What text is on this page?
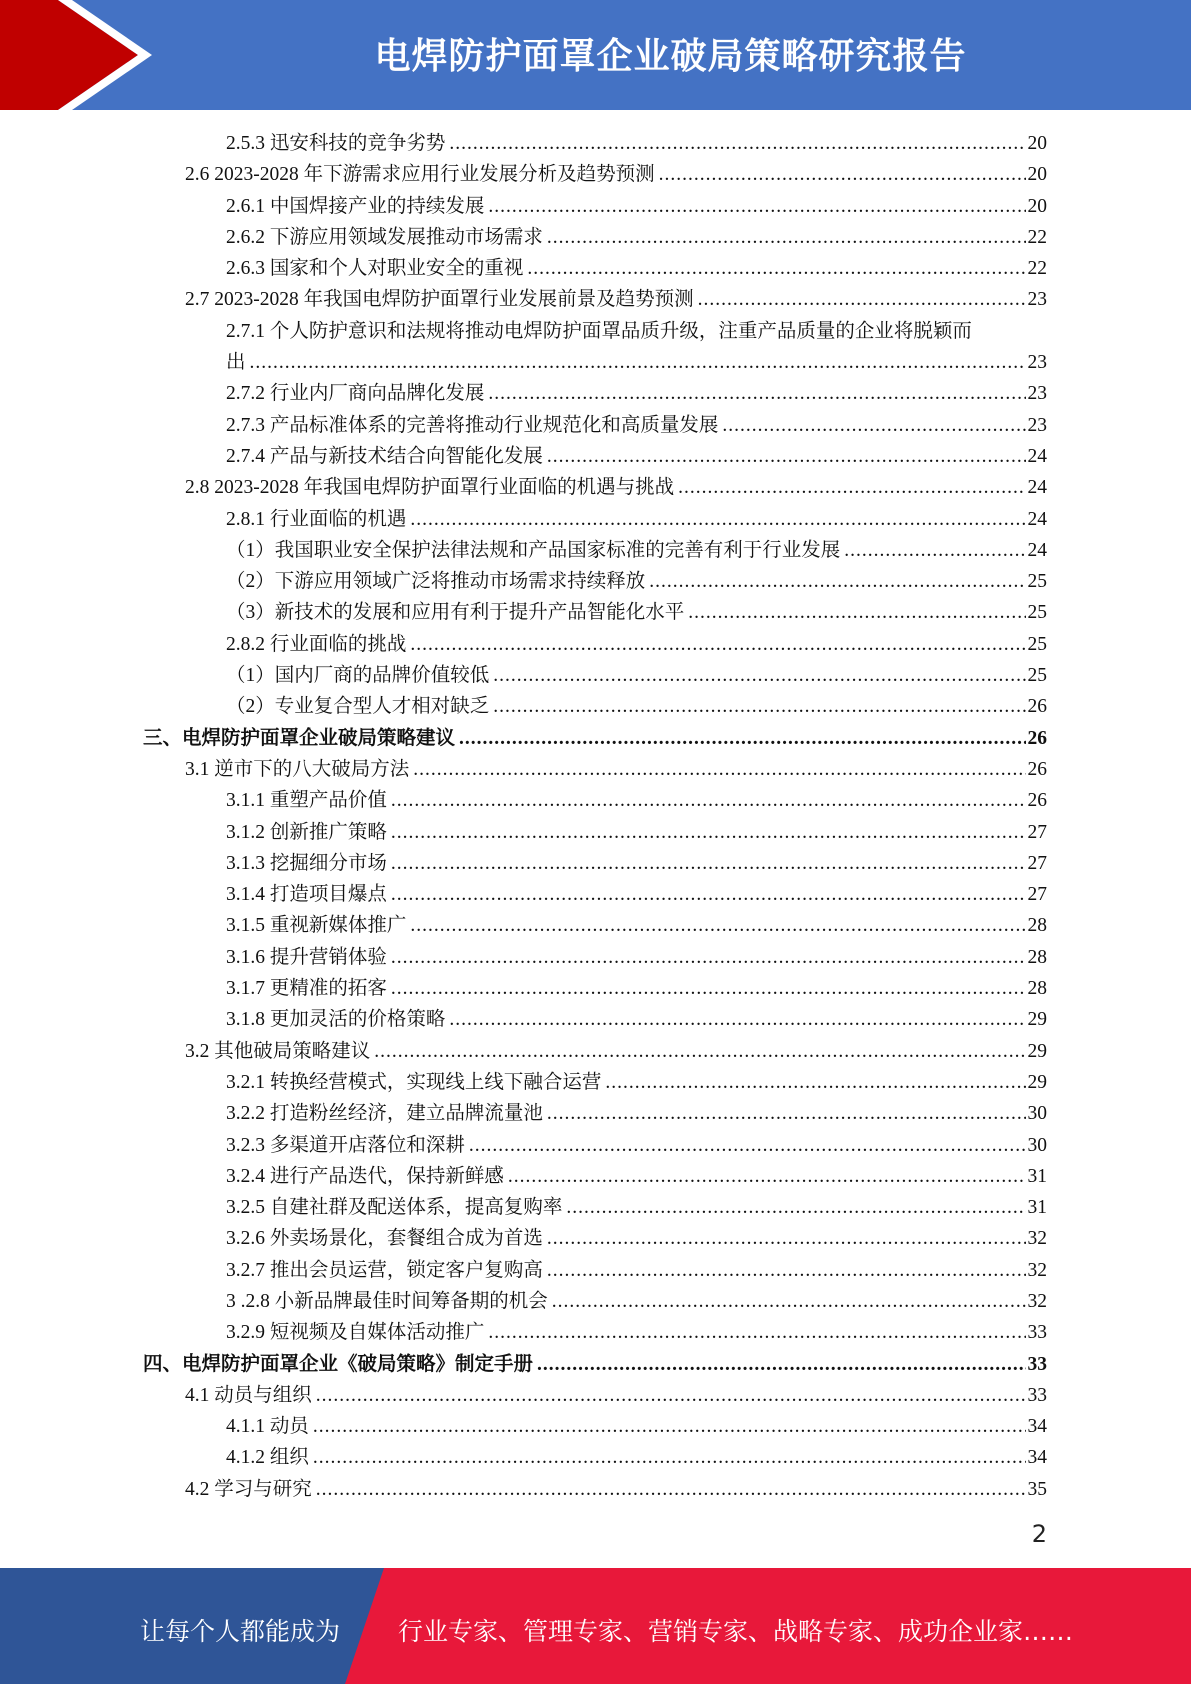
电焊防护面罩企业破局策略研究报告
2.5.3 迅安科技的竞争劣势 .....	20
2.6 2023-2028 年下游需求应用行业发展分析及趋势预测 .....	20
2.6.1 中国焊接产业的持续发展 .....	20
2.6.2 下游应用领域发展推动市场需求 .....	22
2.6.3 国家和个人对职业安全的重视 .....	22
2.7 2023-2028 年我国电焊防护面罩行业发展前景及趋势预测 .....	23
2.7.1 个人防护意识和法规将推动电焊防护面罩品质升级，注重产品质量的企业将脱颖而
出 .....	23
2.7.2 行业内厂商向品牌化发展 .....	23
2.7.3 产品标准体系的完善将推动行业规范化和高质量发展 .....	23
2.7.4 产品与新技术结合向智能化发展 .....	24
2.8 2023-2028 年我国电焊防护面罩行业面临的机遇与挑战 .....	24
2.8.1 行业面临的机遇 .....	24
（1）我国职业安全保护法律法规和产品国家标准的完善有利于行业发展 .....	24
（2）下游应用领域广泛将推动市场需求持续释放 .....	25
（3）新技术的发展和应用有利于提升产品智能化水平 .....	25
2.8.2 行业面临的挑战 .....	25
（1）国内厂商的品牌价值较低 .....	25
（2）专业复合型人才相对缺乏 .....	26
三、电焊防护面罩企业破局策略建议 .....	26
3.1 逆市下的八大破局方法 .....	26
3.1.1 重塑产品价值 .....	26
3.1.2 创新推广策略 .....	27
3.1.3 挖掘细分市场 .....	27
3.1.4 打造项目爆点 .....	27
3.1.5 重视新媒体推广 .....	28
3.1.6 提升营销体验 .....	28
3.1.7 更精准的拓客 .....	28
3.1.8 更加灵活的价格策略 .....	29
3.2 其他破局策略建议 .....	29
3.2.1 转换经营模式，实现线上线下融合运营 .....	29
3.2.2 打造粉丝经济，建立品牌流量池 .....	30
3.2.3 多渠道开店落位和深耕 .....	30
3.2.4 进行产品迭代，保持新鲜感 .....	31
3.2.5 自建社群及配送体系，提高复购率 .....	31
3.2.6 外卖场景化，套餐组合成为首选 .....	32
3.2.7 推出会员运营，锁定客户复购高 .....	32
3 .2.8 小新品牌最佳时间筹备期的机会 .....	32
3.2.9 短视频及自媒体活动推广 .....	33
四、电焊防护面罩企业《破局策略》制定手册 .....	33
4.1 动员与组织 .....	33
4.1.1 动员 .....	34
4.1.2 组织 .....	34
4.2 学习与研究 .....	35
2
让每个人都能成为 行业专家、管理专家、营销专家、战略专家、成功企业家……
